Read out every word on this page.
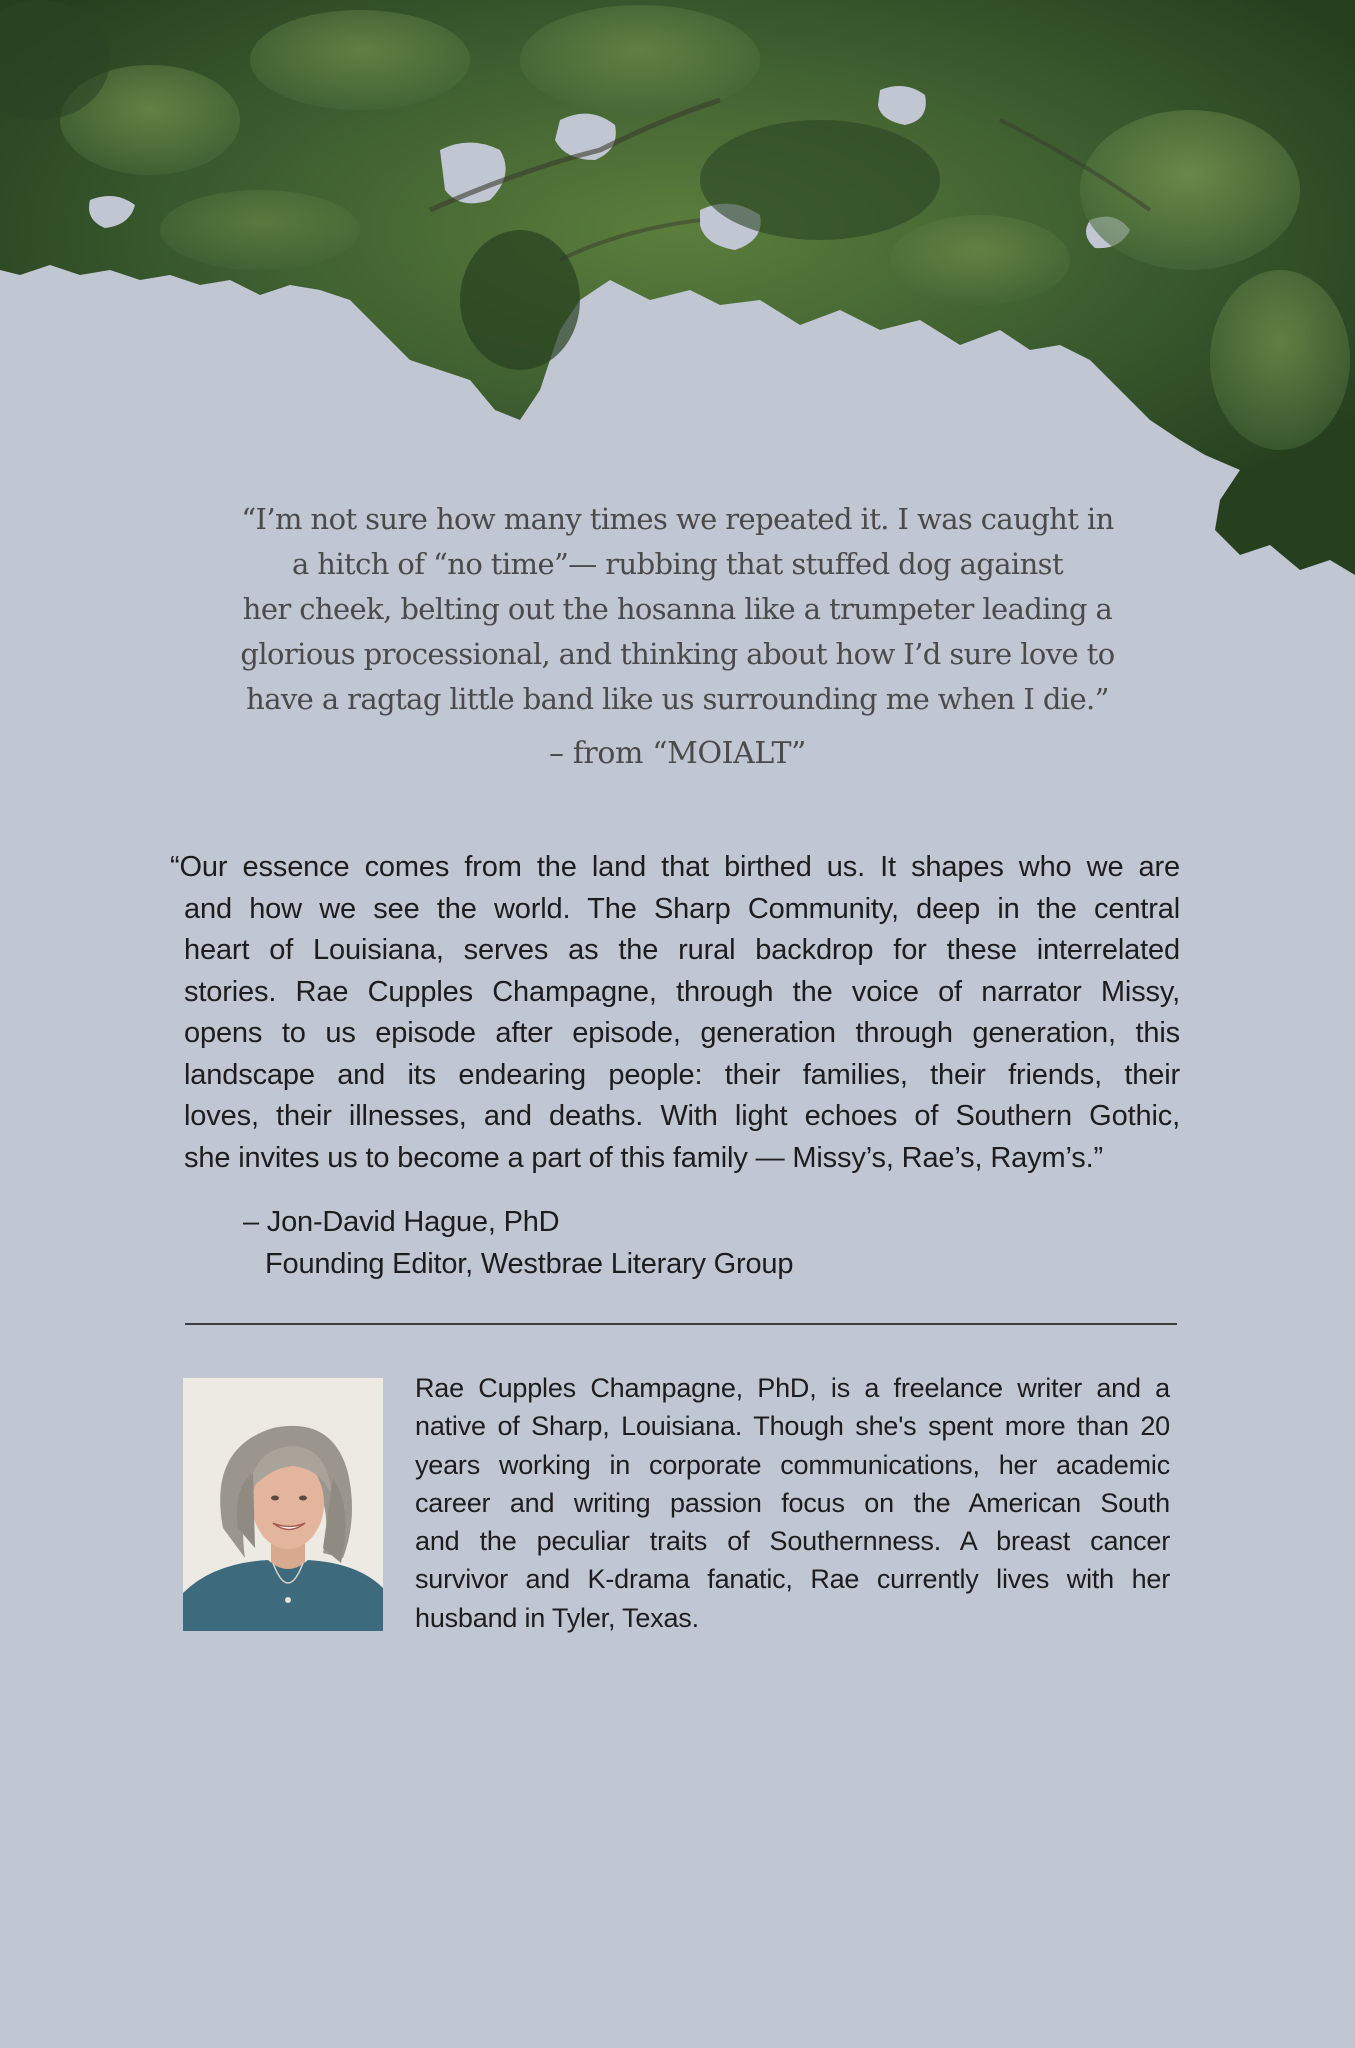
“I’m not sure how many times we repeated it. I was caught in
a hitch of “no time”— rubbing that stuffed dog against
her cheek, belting out the hosanna like a trumpeter leading a
glorious processional, and thinking about how I’d sure love to
have a ragtag little band like us surrounding me when I die.”
– from “MOIALT”
“Our essence comes from the land that birthed us. It shapes who we are
and how we see the world. The Sharp Community, deep in the central
heart of Louisiana, serves as the rural backdrop for these interrelated
stories. Rae Cupples Champagne, through the voice of narrator Missy,
opens to us episode after episode, generation through generation, this
landscape and its endearing people: their families, their friends, their
loves, their illnesses, and deaths. With light echoes of Southern Gothic,
she invites us to become a part of this family — Missy’s, Rae’s, Raym’s.”
– Jon-David Hague, PhD
Founding Editor, Westbrae Literary Group
Rae Cupples Champagne, PhD, is a freelance writer and a
native of Sharp, Louisiana. Though she's spent more than 20
years working in corporate communications, her academic
career and writing passion focus on the American South
and the peculiar traits of Southernness. A breast cancer
survivor and K-drama fanatic, Rae currently lives with her
husband in Tyler, Texas.
